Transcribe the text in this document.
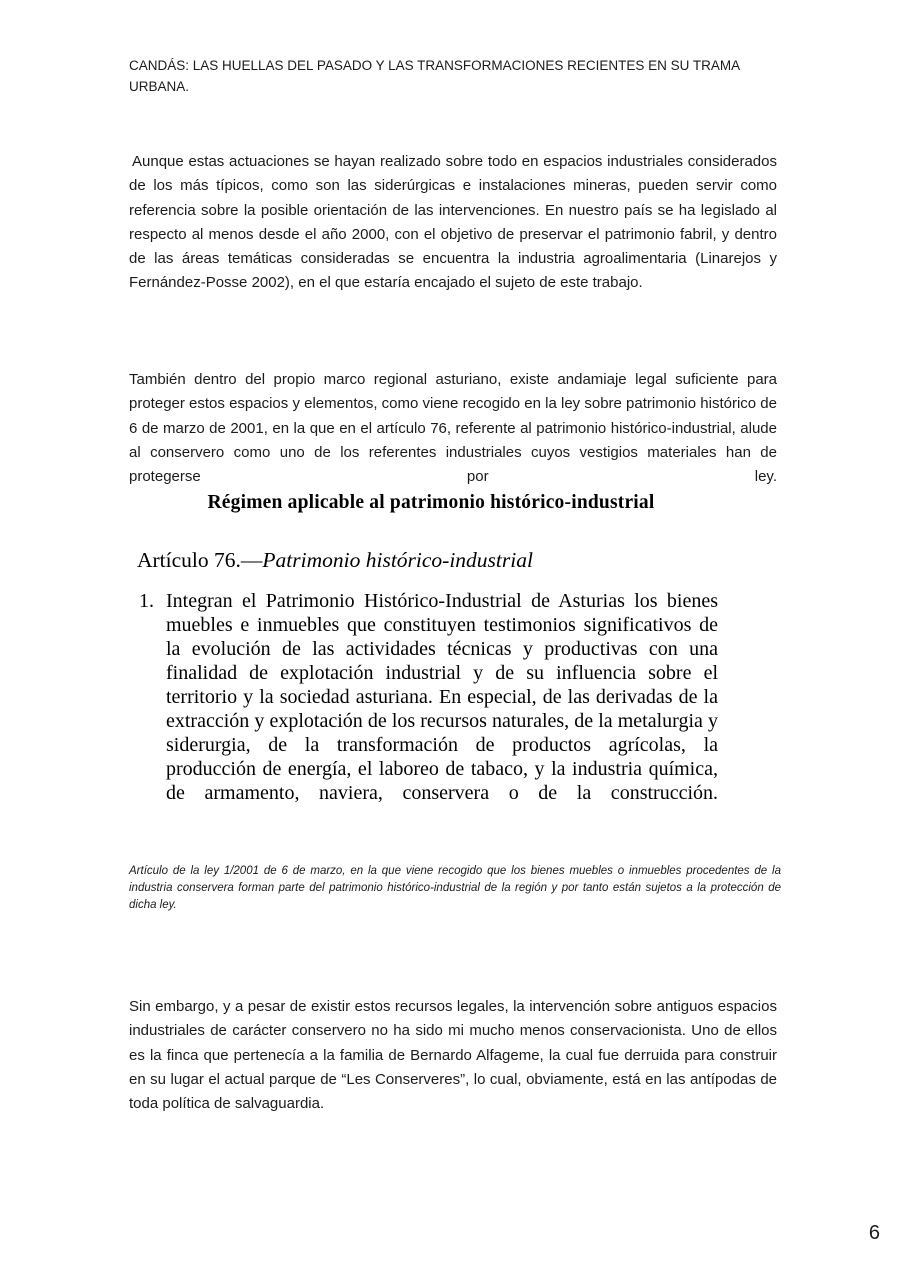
CANDÁS: LAS HUELLAS DEL PASADO Y LAS TRANSFORMACIONES RECIENTES EN SU TRAMA URBANA.

Aunque estas actuaciones se hayan realizado sobre todo en espacios industriales considerados de los más típicos, como son las siderúrgicas e instalaciones mineras, pueden servir como referencia sobre la posible orientación de las intervenciones. En nuestro país se ha legislado al respecto al menos desde el año 2000, con el objetivo de preservar el patrimonio fabril, y dentro de las áreas temáticas consideradas se encuentra la industria agroalimentaria (Linarejos y Fernández-Posse 2002), en el que estaría encajado el sujeto de este trabajo.

También dentro del propio marco regional asturiano, existe andamiaje legal suficiente para proteger estos espacios y elementos, como viene recogido en la ley sobre patrimonio histórico de 6 de marzo de 2001, en la que en el artículo 76, referente al patrimonio histórico-industrial, alude al conservero como uno de los referentes industriales cuyos vestigios materiales han de protegerse por ley.

Régimen aplicable al patrimonio histórico-industrial
Artículo 76.—Patrimonio histórico-industrial
1. Integran el Patrimonio Histórico-Industrial de Asturias los bienes muebles e inmuebles que constituyen testimonios significativos de la evolución de las actividades técnicas y productivas con una finalidad de explotación industrial y de su influencia sobre el territorio y la sociedad asturiana. En especial, de las derivadas de la extracción y explotación de los recursos naturales, de la metalurgia y siderurgia, de la transformación de productos agrícolas, la producción de energía, el laboreo de tabaco, y la industria química, de armamento, naviera, conservera o de la construcción.

Artículo de la ley 1/2001 de 6 de marzo, en la que viene recogido que los bienes muebles o inmuebles procedentes de la industria conservera forman parte del patrimonio histórico-industrial de la región y por tanto están sujetos a la protección de dicha ley.

Sin embargo, y a pesar de existir estos recursos legales, la intervención sobre antiguos espacios industriales de carácter conservero no ha sido mi mucho menos conservacionista. Uno de ellos es la finca que pertenecía a la familia de Bernardo Alfageme, la cual fue derruida para construir en su lugar el actual parque de “Les Conserveres”, lo cual, obviamente, está en las antípodas de toda política de salvaguardia.

6
